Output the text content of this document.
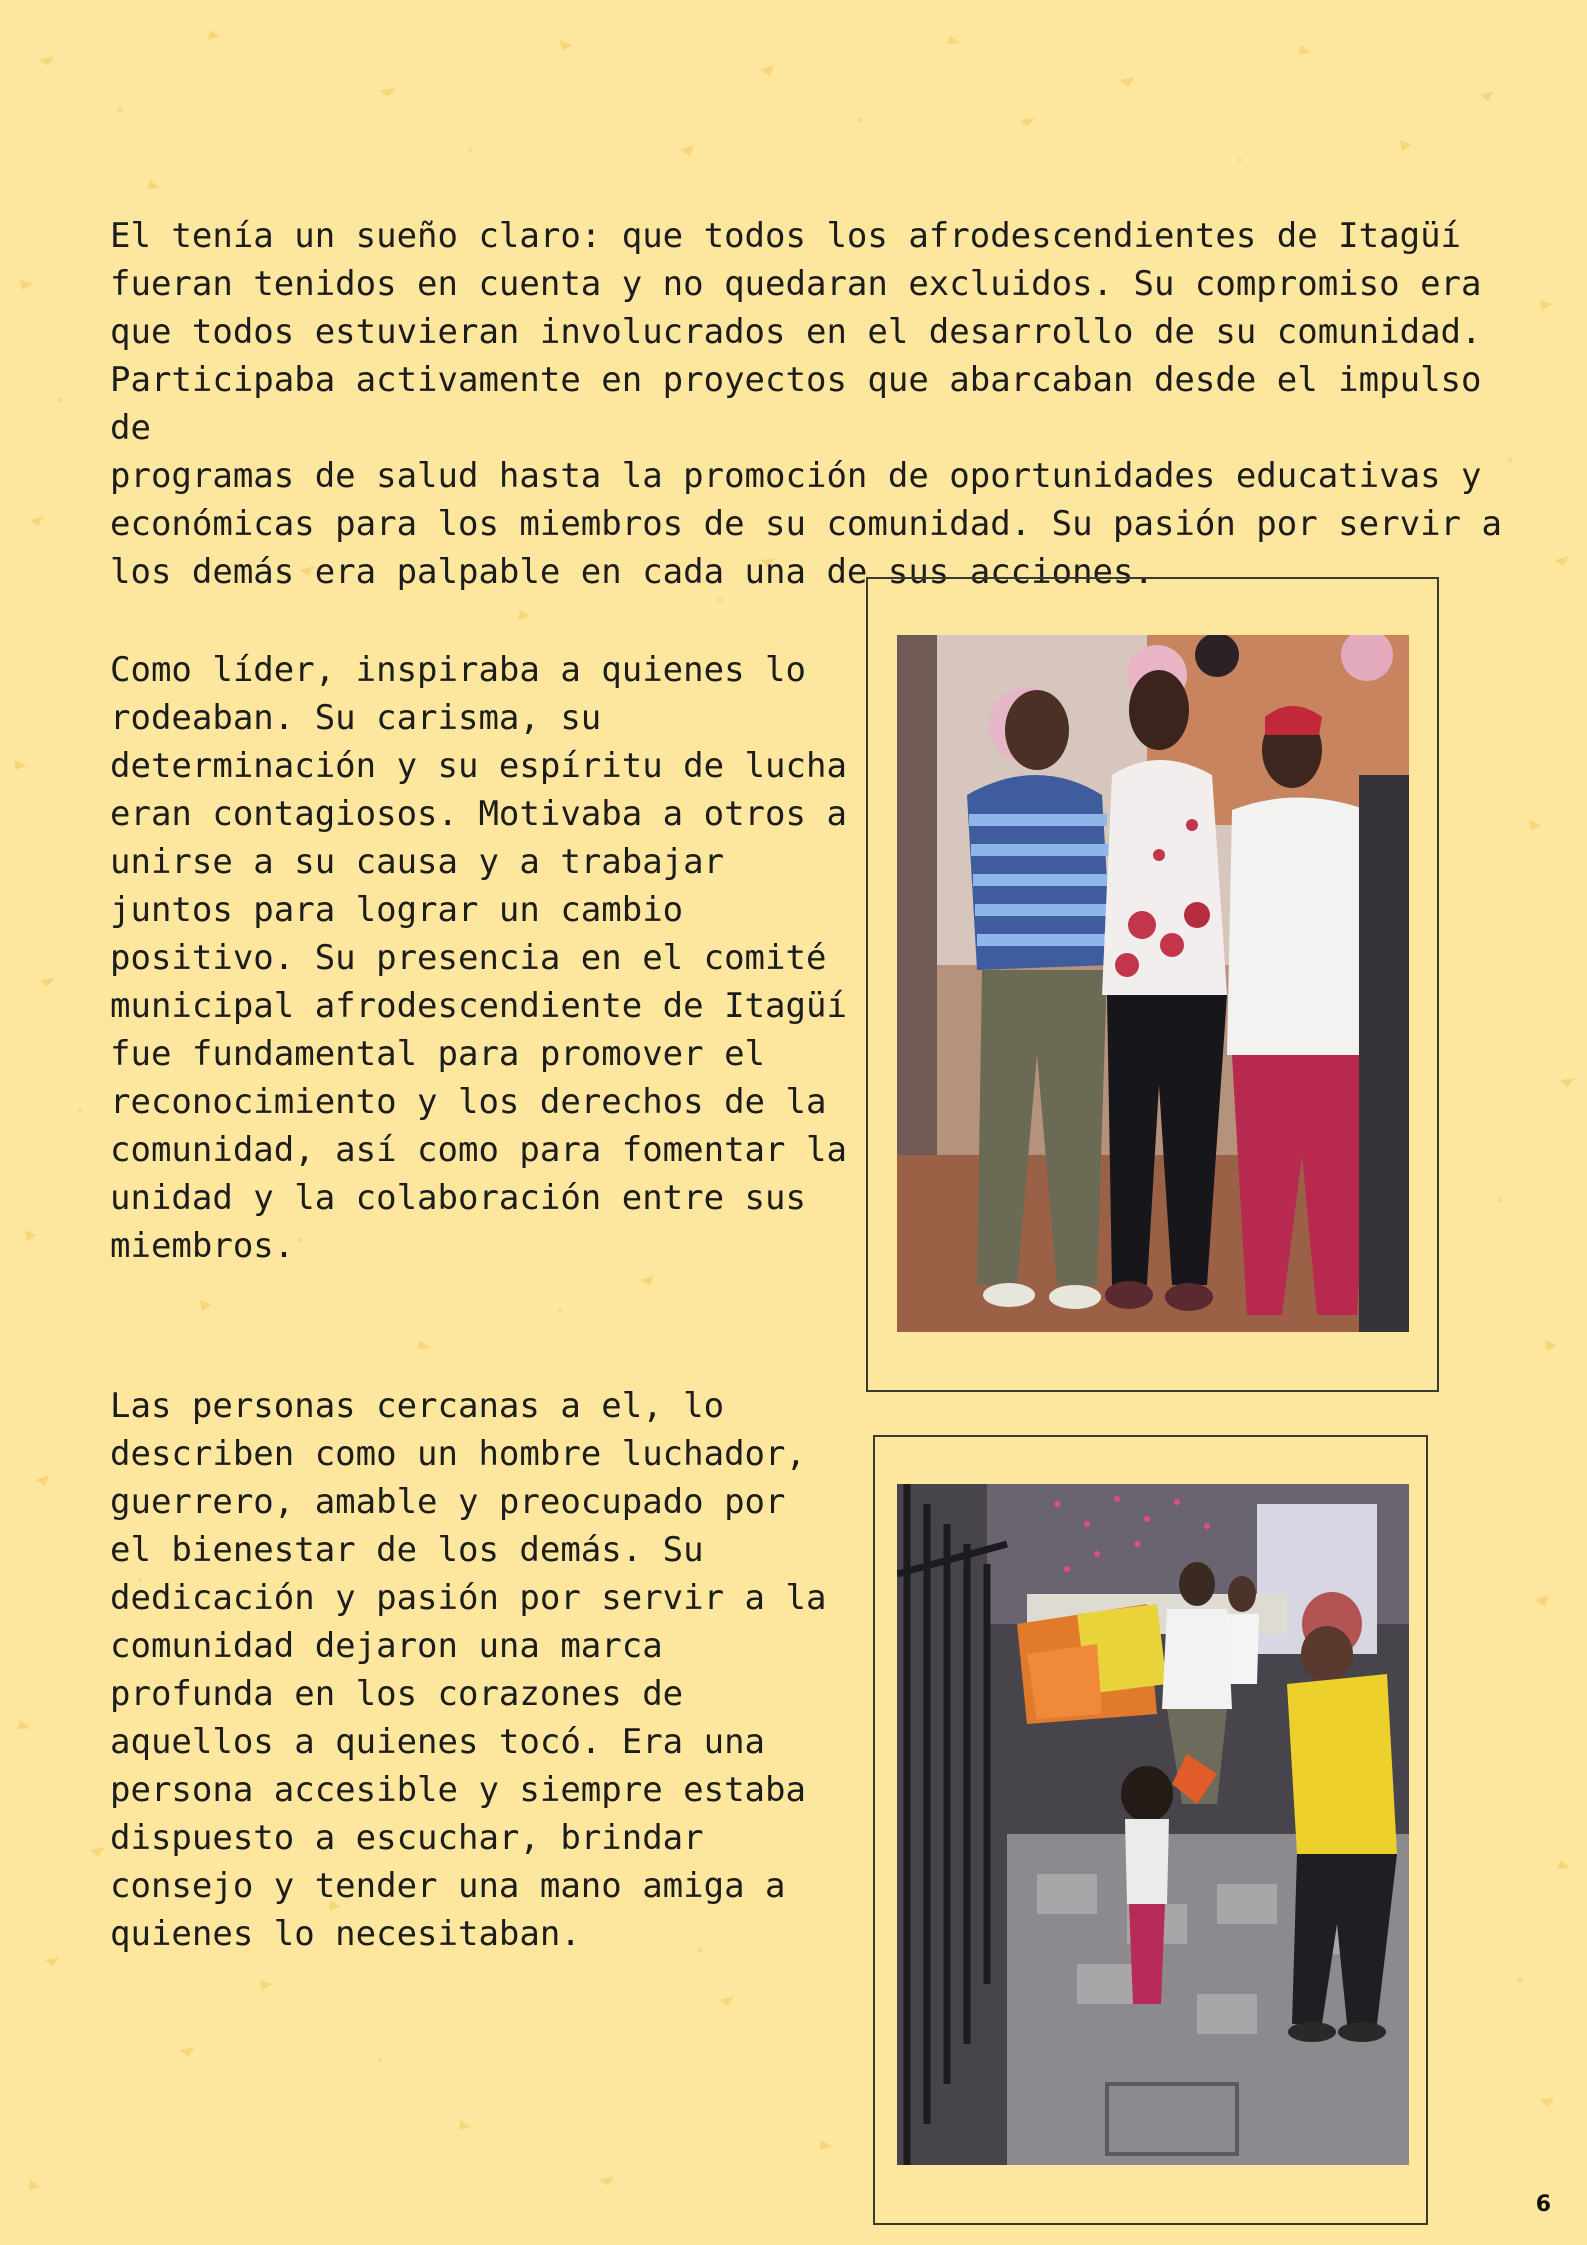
El tenía un sueño claro: que todos los afrodescendientes de Itagüí
fueran tenidos en cuenta y no quedaran excluidos. Su compromiso era
que todos estuvieran involucrados en el desarrollo de su comunidad.
Participaba activamente en proyectos que abarcaban desde el impulso de
programas de salud hasta la promoción de oportunidades educativas y
económicas para los miembros de su comunidad. Su pasión por servir a
los demás era palpable en cada una de sus acciones.

Como líder, inspiraba a quienes lo
rodeaban. Su carisma, su
determinación y su espíritu de lucha
eran contagiosos. Motivaba a otros a
unirse a su causa y a trabajar
juntos para lograr un cambio
positivo. Su presencia en el comité
municipal afrodescendiente de Itagüí
fue fundamental para promover el
reconocimiento y los derechos de la
comunidad, así como para fomentar la
unidad y la colaboración entre sus
miembros.

Las personas cercanas a el, lo
describen como un hombre luchador,
guerrero, amable y preocupado por
el bienestar de los demás. Su
dedicación y pasión por servir a la
comunidad dejaron una marca
profunda en los corazones de
aquellos a quienes tocó. Era una
persona accesible y siempre estaba
dispuesto a escuchar, brindar
consejo y tender una mano amiga a
quienes lo necesitaban.

6
